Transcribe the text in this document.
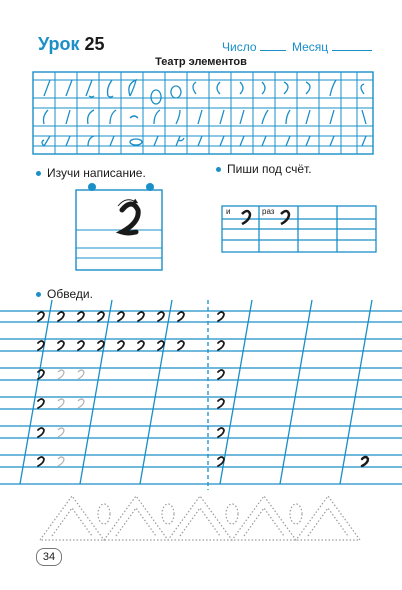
Урок 25	Число	Месяц
Театр элементов
Изучи написание.	Пиши под счёт.
и	раз
Обведи.
34
